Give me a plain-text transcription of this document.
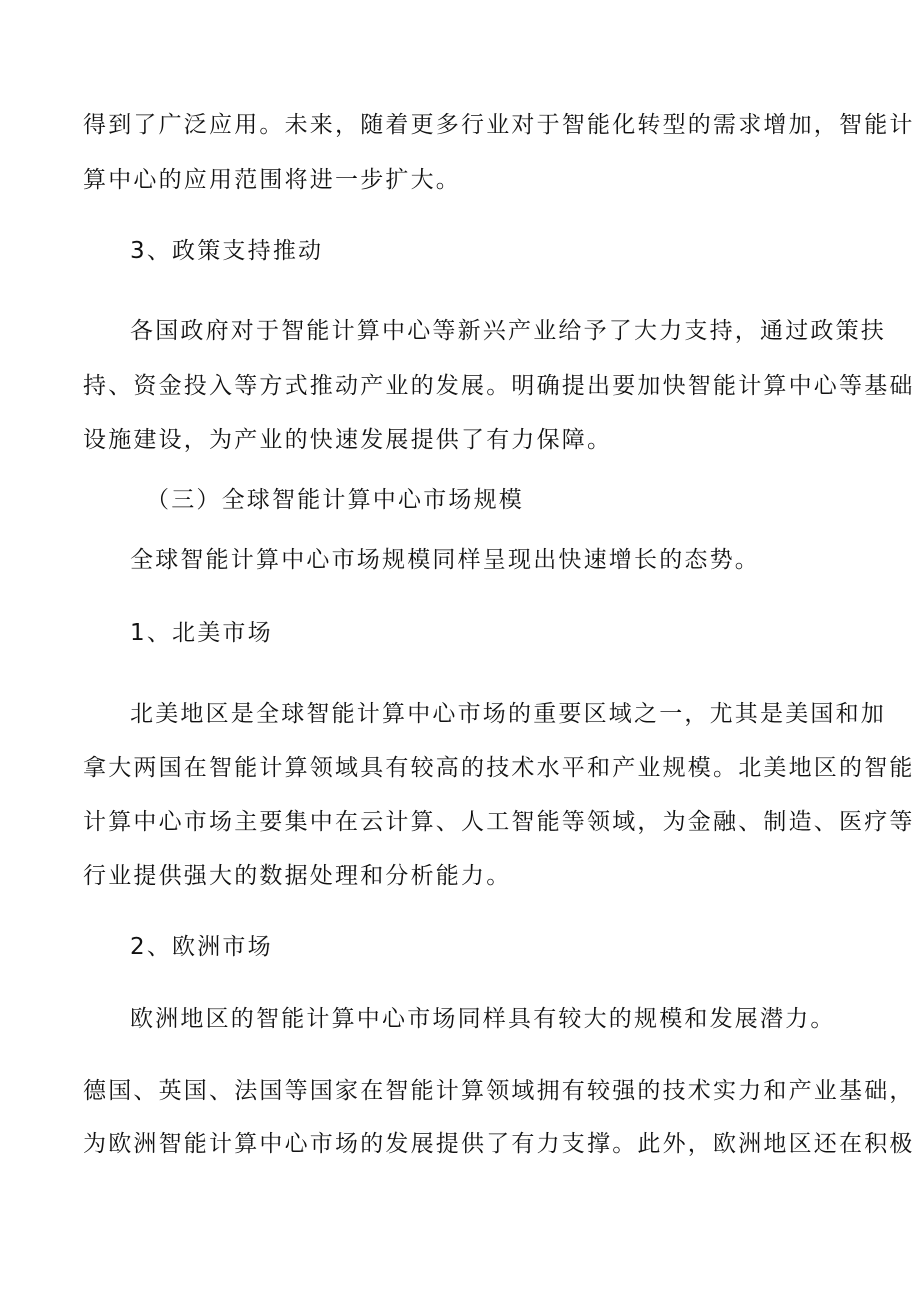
得到了广泛应用。未来，随着更多行业对于智能化转型的需求增加，智能计
算中心的应用范围将进一步扩大。
3、政策支持推动
各国政府对于智能计算中心等新兴产业给予了大力支持，通过政策扶
持、资金投入等方式推动产业的发展。明确提出要加快智能计算中心等基础
设施建设，为产业的快速发展提供了有力保障。
（三）全球智能计算中心市场规模
全球智能计算中心市场规模同样呈现出快速增长的态势。
1、北美市场
北美地区是全球智能计算中心市场的重要区域之一，尤其是美国和加
拿大两国在智能计算领域具有较高的技术水平和产业规模。北美地区的智能
计算中心市场主要集中在云计算、人工智能等领域，为金融、制造、医疗等
行业提供强大的数据处理和分析能力。
2、欧洲市场
欧洲地区的智能计算中心市场同样具有较大的规模和发展潜力。
德国、英国、法国等国家在智能计算领域拥有较强的技术实力和产业基础，
为欧洲智能计算中心市场的发展提供了有力支撑。此外，欧洲地区还在积极
